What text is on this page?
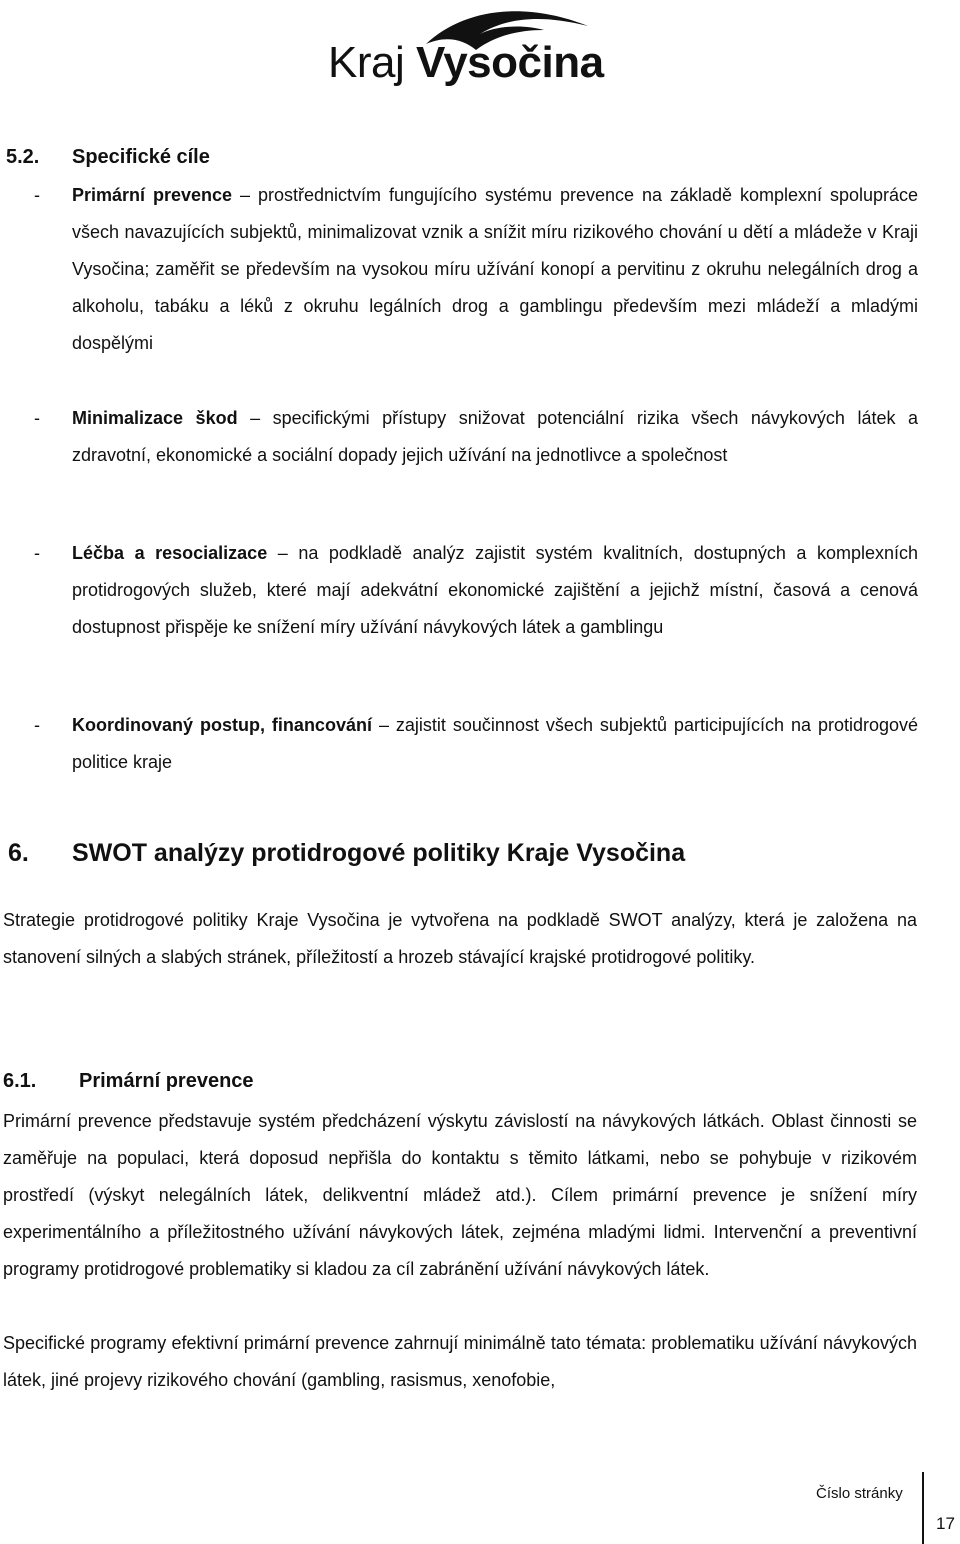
Kraj Vysočina
5.2. Specifické cíle
- Primární prevence – prostřednictvím fungujícího systému prevence na základě komplexní spolupráce všech navazujících subjektů, minimalizovat vznik a snížit míru rizikového chování u dětí a mládeže v Kraji Vysočina; zaměřit se především na vysokou míru užívání konopí a pervitinu z okruhu nelegálních drog a alkoholu, tabáku a léků z okruhu legálních drog a gamblingu především mezi mládeží a mladými dospělými
- Minimalizace škod – specifickými přístupy snižovat potenciální rizika všech návykových látek a zdravotní, ekonomické a sociální dopady jejich užívání na jednotlivce a společnost
- Léčba a resocializace – na podkladě analýz zajistit systém kvalitních, dostupných a komplexních protidrogových služeb, které mají adekvátní ekonomické zajištění a jejichž místní, časová a cenová dostupnost přispěje ke snížení míry užívání návykových látek a gamblingu
- Koordinovaný postup, financování – zajistit součinnost všech subjektů participujících na protidrogové politice kraje
6. SWOT analýzy protidrogové politiky Kraje Vysočina
Strategie protidrogové politiky Kraje Vysočina je vytvořena na podkladě SWOT analýzy, která je založena na stanovení silných a slabých stránek, příležitostí a hrozeb stávající krajské protidrogové politiky.
6.1. Primární prevence
Primární prevence představuje systém předcházení výskytu závislostí na návykových látkách. Oblast činnosti se zaměřuje na populaci, která doposud nepřišla do kontaktu s těmito látkami, nebo se pohybuje v rizikovém prostředí (výskyt nelegálních látek, delikventní mládež atd.). Cílem primární prevence je snížení míry experimentálního a příležitostného užívání návykových látek, zejména mladými lidmi. Intervenční a preventivní programy protidrogové problematiky si kladou za cíl zabránění užívání návykových látek.
Specifické programy efektivní primární prevence zahrnují minimálně tato témata: problematiku užívání návykových látek, jiné projevy rizikového chování (gambling, rasismus, xenofobie,
Číslo stránky
17
